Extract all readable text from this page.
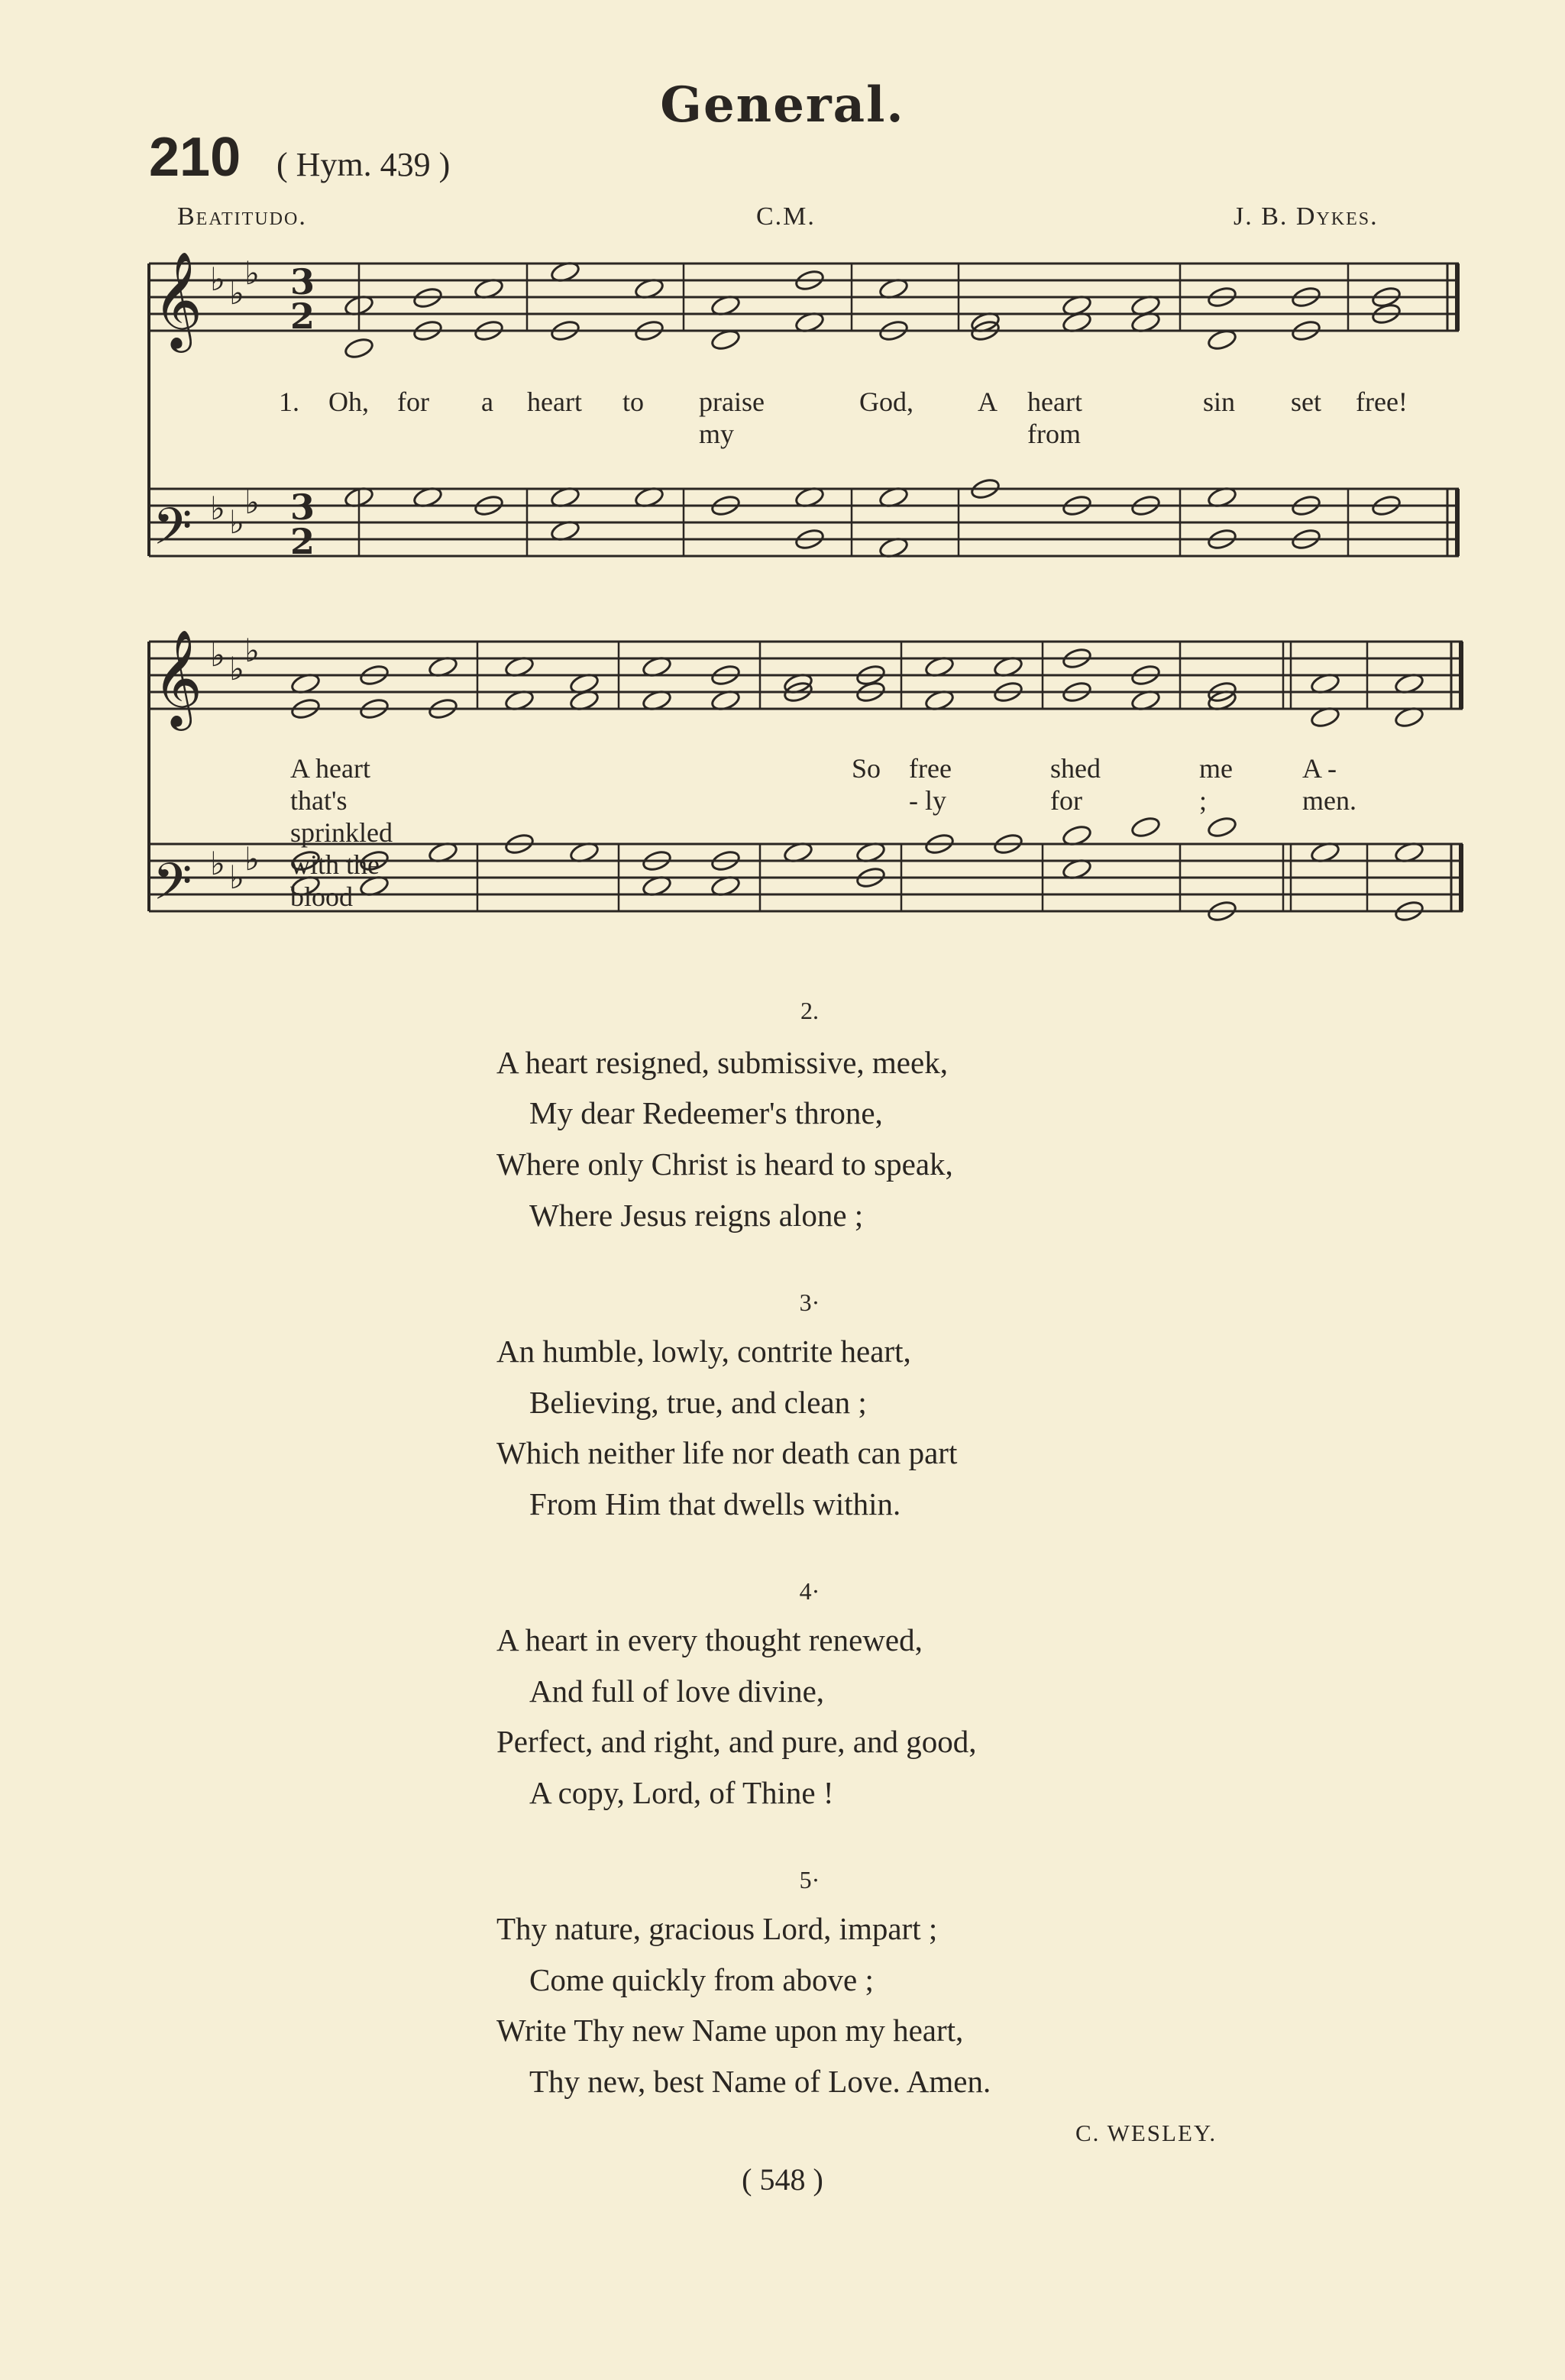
General.
210 ( Hym. 439 )
Beatitudo.	C.M.	J. B. Dykes.
𝄞
𝄢
𝄞
𝄢
♭ ♭
♭
♭ ♭
♭
♭ ♭ ♭
♭ ♭ ♭
3
2
3
2
1. Oh, for a heart to praise my
God, A heart from
sin set free!
A heart that's sprinkled with the blood
So free - ly
shed for
me ;
A - men.
2.
A heart resigned, submissive, meek,
My dear Redeemer's throne,
Where only Christ is heard to speak,
Where Jesus reigns alone ;
3·
An humble, lowly, contrite heart,
Believing, true, and clean ;
Which neither life nor death can part
From Him that dwells within.
4·
A heart in every thought renewed,
And full of love divine,
Perfect, and right, and pure, and good,
A copy, Lord, of Thine !
5·
Thy nature, gracious Lord, impart ;
Come quickly from above ;
Write Thy new Name upon my heart,
Thy new, best Name of Love. Amen.
C. WESLEY.
( 548 )
